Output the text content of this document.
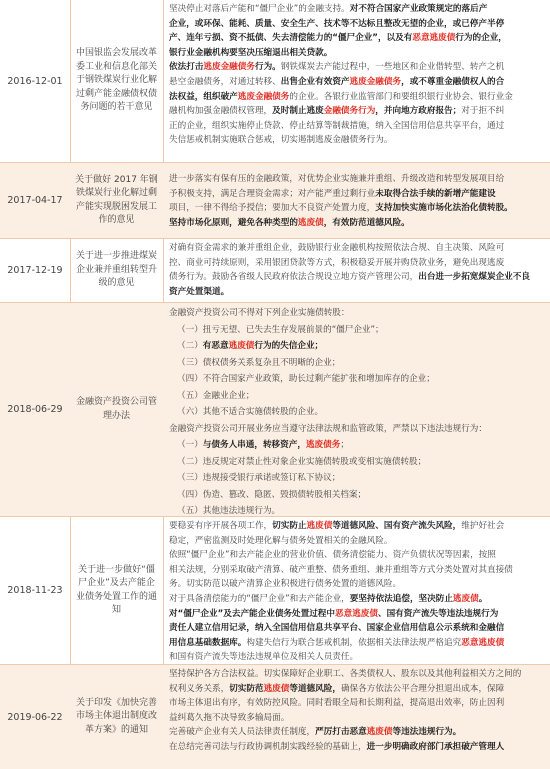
2016-12-01
中国银监会发展改革委工业和信息化部关于钢铁煤炭行业化解过剩产能金融债权债务问题的若干意见

坚决停止对落后产能和“僵尸企业”的金融支持。对不符合国家产业政策规定的落后产

企业，或环保、能耗、质量、安全生产、技术等不达标且整改无望的企业，或已停产半停

产、连年亏损、资不抵债、失去清偿能力的“僵尸企业”，以及有恶意逃废债行为的企业，

银行业金融机构要坚决压缩退出相关贷款。

依法打击逃废金融债务行为。钢铁煤炭去产能过程中，一些地区和企业借转型、转产之机

悬空金融债务，对通过转移、出售企业有效资产逃废金融债务，或不尊重金融债权人的合

法权益，组织破产逃废金融债务的企业。各银行业监管部门和要组织银行业协会、银行业金

融机构加强金融债权管理，及时制止逃废金融债务行为，并向地方政府报告；对于拒不纠

正的企业，组织实施停止贷款、停止结算等制裁措施，纳入全国信用信息共享平台，通过

失信惩戒机制实施联合惩戒，切实遏制逃废金融债务行为。

2017-04-17
关于做好 2017 年钢铁煤炭行业化解过剩产能实现脱困发展工作的意见

进一步落实有保有压的金融政策，对优势企业实施兼并重组、升级改造和转型发展项目给

予积极支持，满足合理资金需求；对产能严重过剩行业未取得合法手续的新增产能建设

项目，一律不得给予授信；要加大不良资产处置力度，支持加快实施市场化法治化债转股。

坚持市场化原则，避免各种类型的逃废债，有效防范道德风险。

2017-12-19
关于进一步推进煤炭企业兼并重组转型升级的意见

对确有资金需求的兼并重组企业，鼓励银行业金融机构按照依法合规、自主决策、风险可

控、商业可持续原则，采用银团贷款等方式，积极稳妥开展并购贷款业务，避免出现逃废

债务行为。鼓励各省级人民政府依法合规设立地方资产管理公司，出台进一步拓宽煤炭企业不良

资产处置渠道。

2018-06-29
金融资产投资公司管理办法

金融资产投资公司不得对下列企业实施债转股：

（一）扭亏无望、已失去生存发展前景的“僵尸企业”；

（二）有恶意逃废债行为的失信企业；

（三）债权债务关系复杂且不明晰的企业；

（四）不符合国家产业政策，助长过剩产能扩张和增加库存的企业；

（五）金融业企业；

（六）其他不适合实施债转股的企业。

金融资产投资公司开展业务应当遵守法律法规和监管政策，严禁以下违法违规行为：

（一）与债务人串通，转移资产，逃废债务；

（二）违反规定对禁止性对象企业实施债转股或变相实施债转股；

（三）违规接受银行承诺或签订私下协议；

（四）伪造、篡改、隐匿、毁损债转股相关档案；

（五）其他违法违规行为。

2018-11-23
关于进一步做好“僵尸企业”及去产能企业债务处置工作的通知

要稳妥有序开展各项工作，切实防止逃废债等道德风险、国有资产流失风险，维护好社会

稳定，严密监测及时处理化解与债务处置相关的金融风险。

依照“僵尸企业”和去产能企业的营业价值、债务清偿能力、资产负债状况等因素，按照

相关法规，分别采取破产清算、破产重整、债务重组、兼并重组等方式分类处置对其直接债

务。切实防范以破产清算企业积极进行债务处置的道德风险。

对于具备清偿能力的“僵尸企业”和去产能企业，要坚持依法追偿，坚决防止逃废债。

对“僵尸企业”及去产能企业债务处置过程中恶意逃废债、国有资产流失等违法违规行为

责任人建立信用记录，纳入全国信用信息共享平台、国家企业信用信息公示系统和金融信

用信息基础数据库。构建失信行为联合惩戒机制，依据相关法律法规严格追究恶意逃废债

和国有资产流失等违法违规单位及相关人员责任。

2019-06-22
关于印发《加快完善市场主体退出制度改革方案》的通知

坚持保护各方合法权益。切实保障好企业职工、各类债权人、股东以及其他利益相关方之间的

权利义务关系，切实防范逃废债等道德风险，确保各方依法公平合理分担退出成本，保障

市场主体退出有序，有效防控风险。同时看眼全局和长期利益，提高退出效率，防止因利

益纠葛久拖不决导致多输局面。

完善破产企业有关人员法律责任制度，严厉打击恶意逃废债等违法违规行为。

在总结完善司法与行政协调机制实践经验的基础上，进一步明确政府部门承担破产管理人
